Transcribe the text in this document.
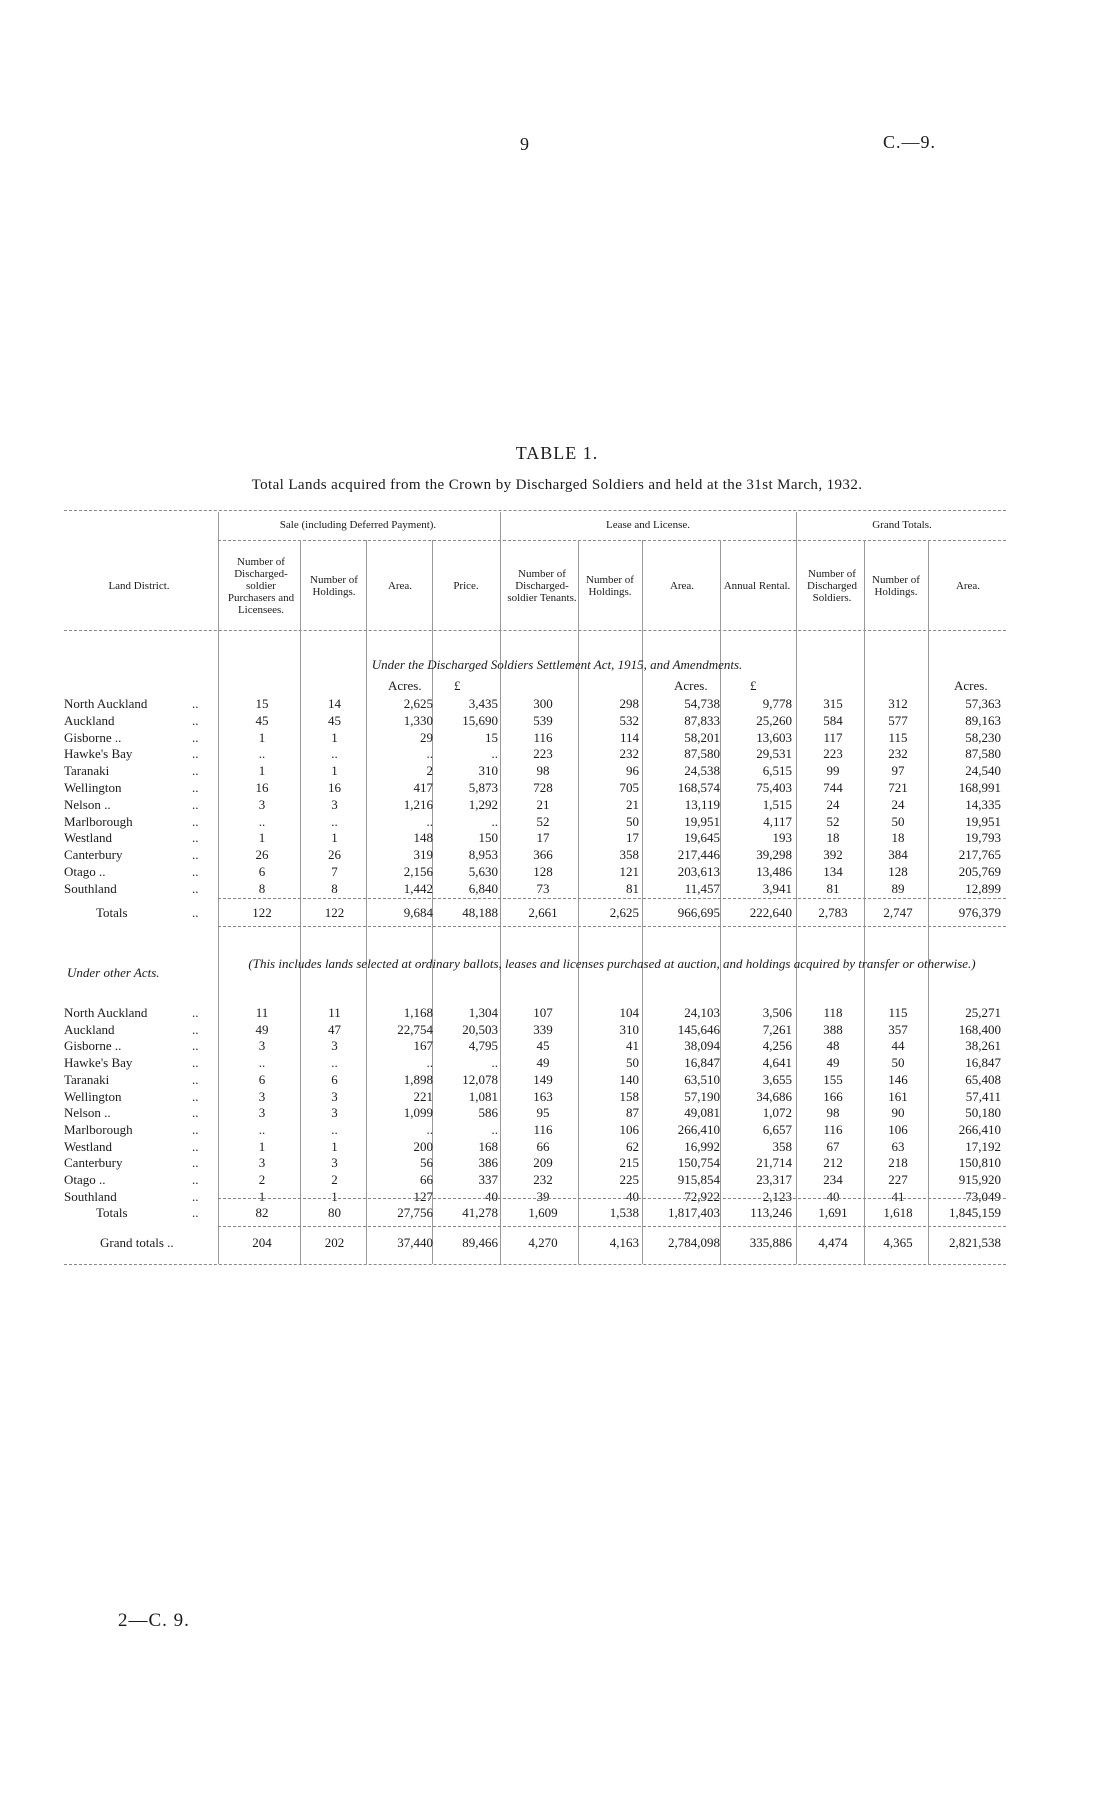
9	C.—9.
TABLE 1.
Total Lands acquired from the Crown by Discharged Soldiers and held at the 31st March, 1932.
Sale (including Deferred Payment).	Lease and License.	Grand Totals.
Land District.
Number of Discharged-soldier Purchasers and Licensees.
Number of Holdings.	Area.	Price.
Number of Discharged-soldier Tenants.
Number of Holdings.	Area.	Annual Rental.
Number of Discharged Soldiers.
Number of Holdings.	Area.
Under the Discharged Soldiers Settlement Act, 1915, and Amendments.
Acres. £	Acres.	£	Acres.
North Auckland	..	15	14	2,625	3,435	300	298	54,738	9,778	315	312	57,363
Auckland	..	45	45	1,330	15,690	539	532	87,833	25,260	584	577	89,163
Gisborne ..	..	1	1	29	15	116	114	58,201	13,603	117	115	58,230
Hawke's Bay	..	..	..	..	..	223	232	87,580	29,531	223	232	87,580
Taranaki	..	1	1	2	310	98	96	24,538	6,515	99	97	24,540
Wellington	..	16	16	417	5,873	728	705	168,574	75,403	744	721	168,991
Nelson ..	..	3	3	1,216	1,292	21	21	13,119	1,515	24	24	14,335
Marlborough	..	..	..	..	..	52	50	19,951	4,117	52	50	19,951
Westland	..	1	1	148	150	17	17	19,645	193	18	18	19,793
Canterbury	..	26	26	319	8,953	366	358	217,446	39,298	392	384	217,765
Otago ..	..	6	7	2,156	5,630	128	121	203,613	13,486	134	128	205,769
Southland	..	8	8	1,442	6,840	73	81	11,457	3,941	81	89	12,899
Totals	..	122	122	9,684	48,188	2,661	2,625	966,695	222,640	2,783	2,747	976,379
Under other Acts.
(This includes lands selected at ordinary ballots, leases and licenses purchased at auction, and holdings acquired by transfer or otherwise.)
North Auckland	..	11	11	1,168	1,304	107	104	24,103	3,506	118	115	25,271
Auckland	..	49	47	22,754	20,503	339	310	145,646	7,261	388	357	168,400
Gisborne ..	..	3	3	167	4,795	45	41	38,094	4,256	48	44	38,261
Hawke's Bay	..	..	..	..	..	49	50	16,847	4,641	49	50	16,847
Taranaki	..	6	6	1,898	12,078	149	140	63,510	3,655	155	146	65,408
Wellington	..	3	3	221	1,081	163	158	57,190	34,686	166	161	57,411
Nelson ..	..	3	3	1,099	586	95	87	49,081	1,072	98	90	50,180
Marlborough	..	..	..	..	..	116	106	266,410	6,657	116	106	266,410
Westland	..	1	1	200	168	66	62	16,992	358	67	63	17,192
Canterbury	..	3	3	56	386	209	215	150,754	21,714	212	218	150,810
Otago ..	..	2	2	66	337	232	225	915,854	23,317	234	227	915,920
Southland	..	1	1	127	40	39	40	72,922	2,123	40	41	73,049
Totals	..	82	80	27,756	41,278	1,609	1,538	1,817,403	113,246	1,691	1,618	1,845,159
Grand totals ..	204	202	37,440	89,466	4,270	4,163	2,784,098	335,886	4,474	4,365	2,821,538
2—C. 9.
